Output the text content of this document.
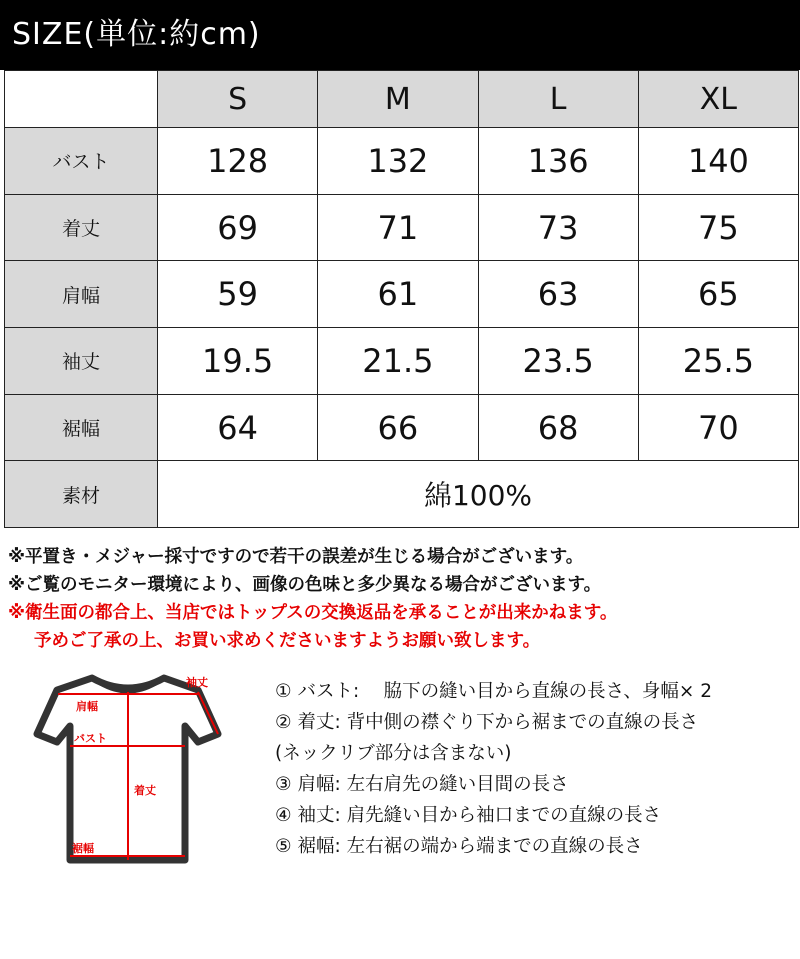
SIZE(単位:約cm)
	S	M	L	XL
バスト	128	132	136	140
着丈	69	71	73	75
肩幅	59	61	63	65
袖丈	19.5	21.5	23.5	25.5
裾幅	64	66	68	70
素材	綿100%			
※平置き・メジャー採寸ですので若干の誤差が生じる場合がございます。
※ご覧のモニター環境により、画像の色味と多少異なる場合がございます。
※衛生面の都合上、当店ではトップスの交換返品を承ることが出来かねます。
予めご了承の上、お買い求めくださいますようお願い致します。
袖丈
肩幅
バスト
着丈
裾幅
① バスト:　 脇下の縫い目から直線の長さ、身幅× 2
② 着丈: 背中側の襟ぐり下から裾までの直線の長さ
(ネックリブ部分は含まない)
③ 肩幅: 左右肩先の縫い目間の長さ
④ 袖丈: 肩先縫い目から袖口までの直線の長さ
⑤ 裾幅: 左右裾の端から端までの直線の長さ
